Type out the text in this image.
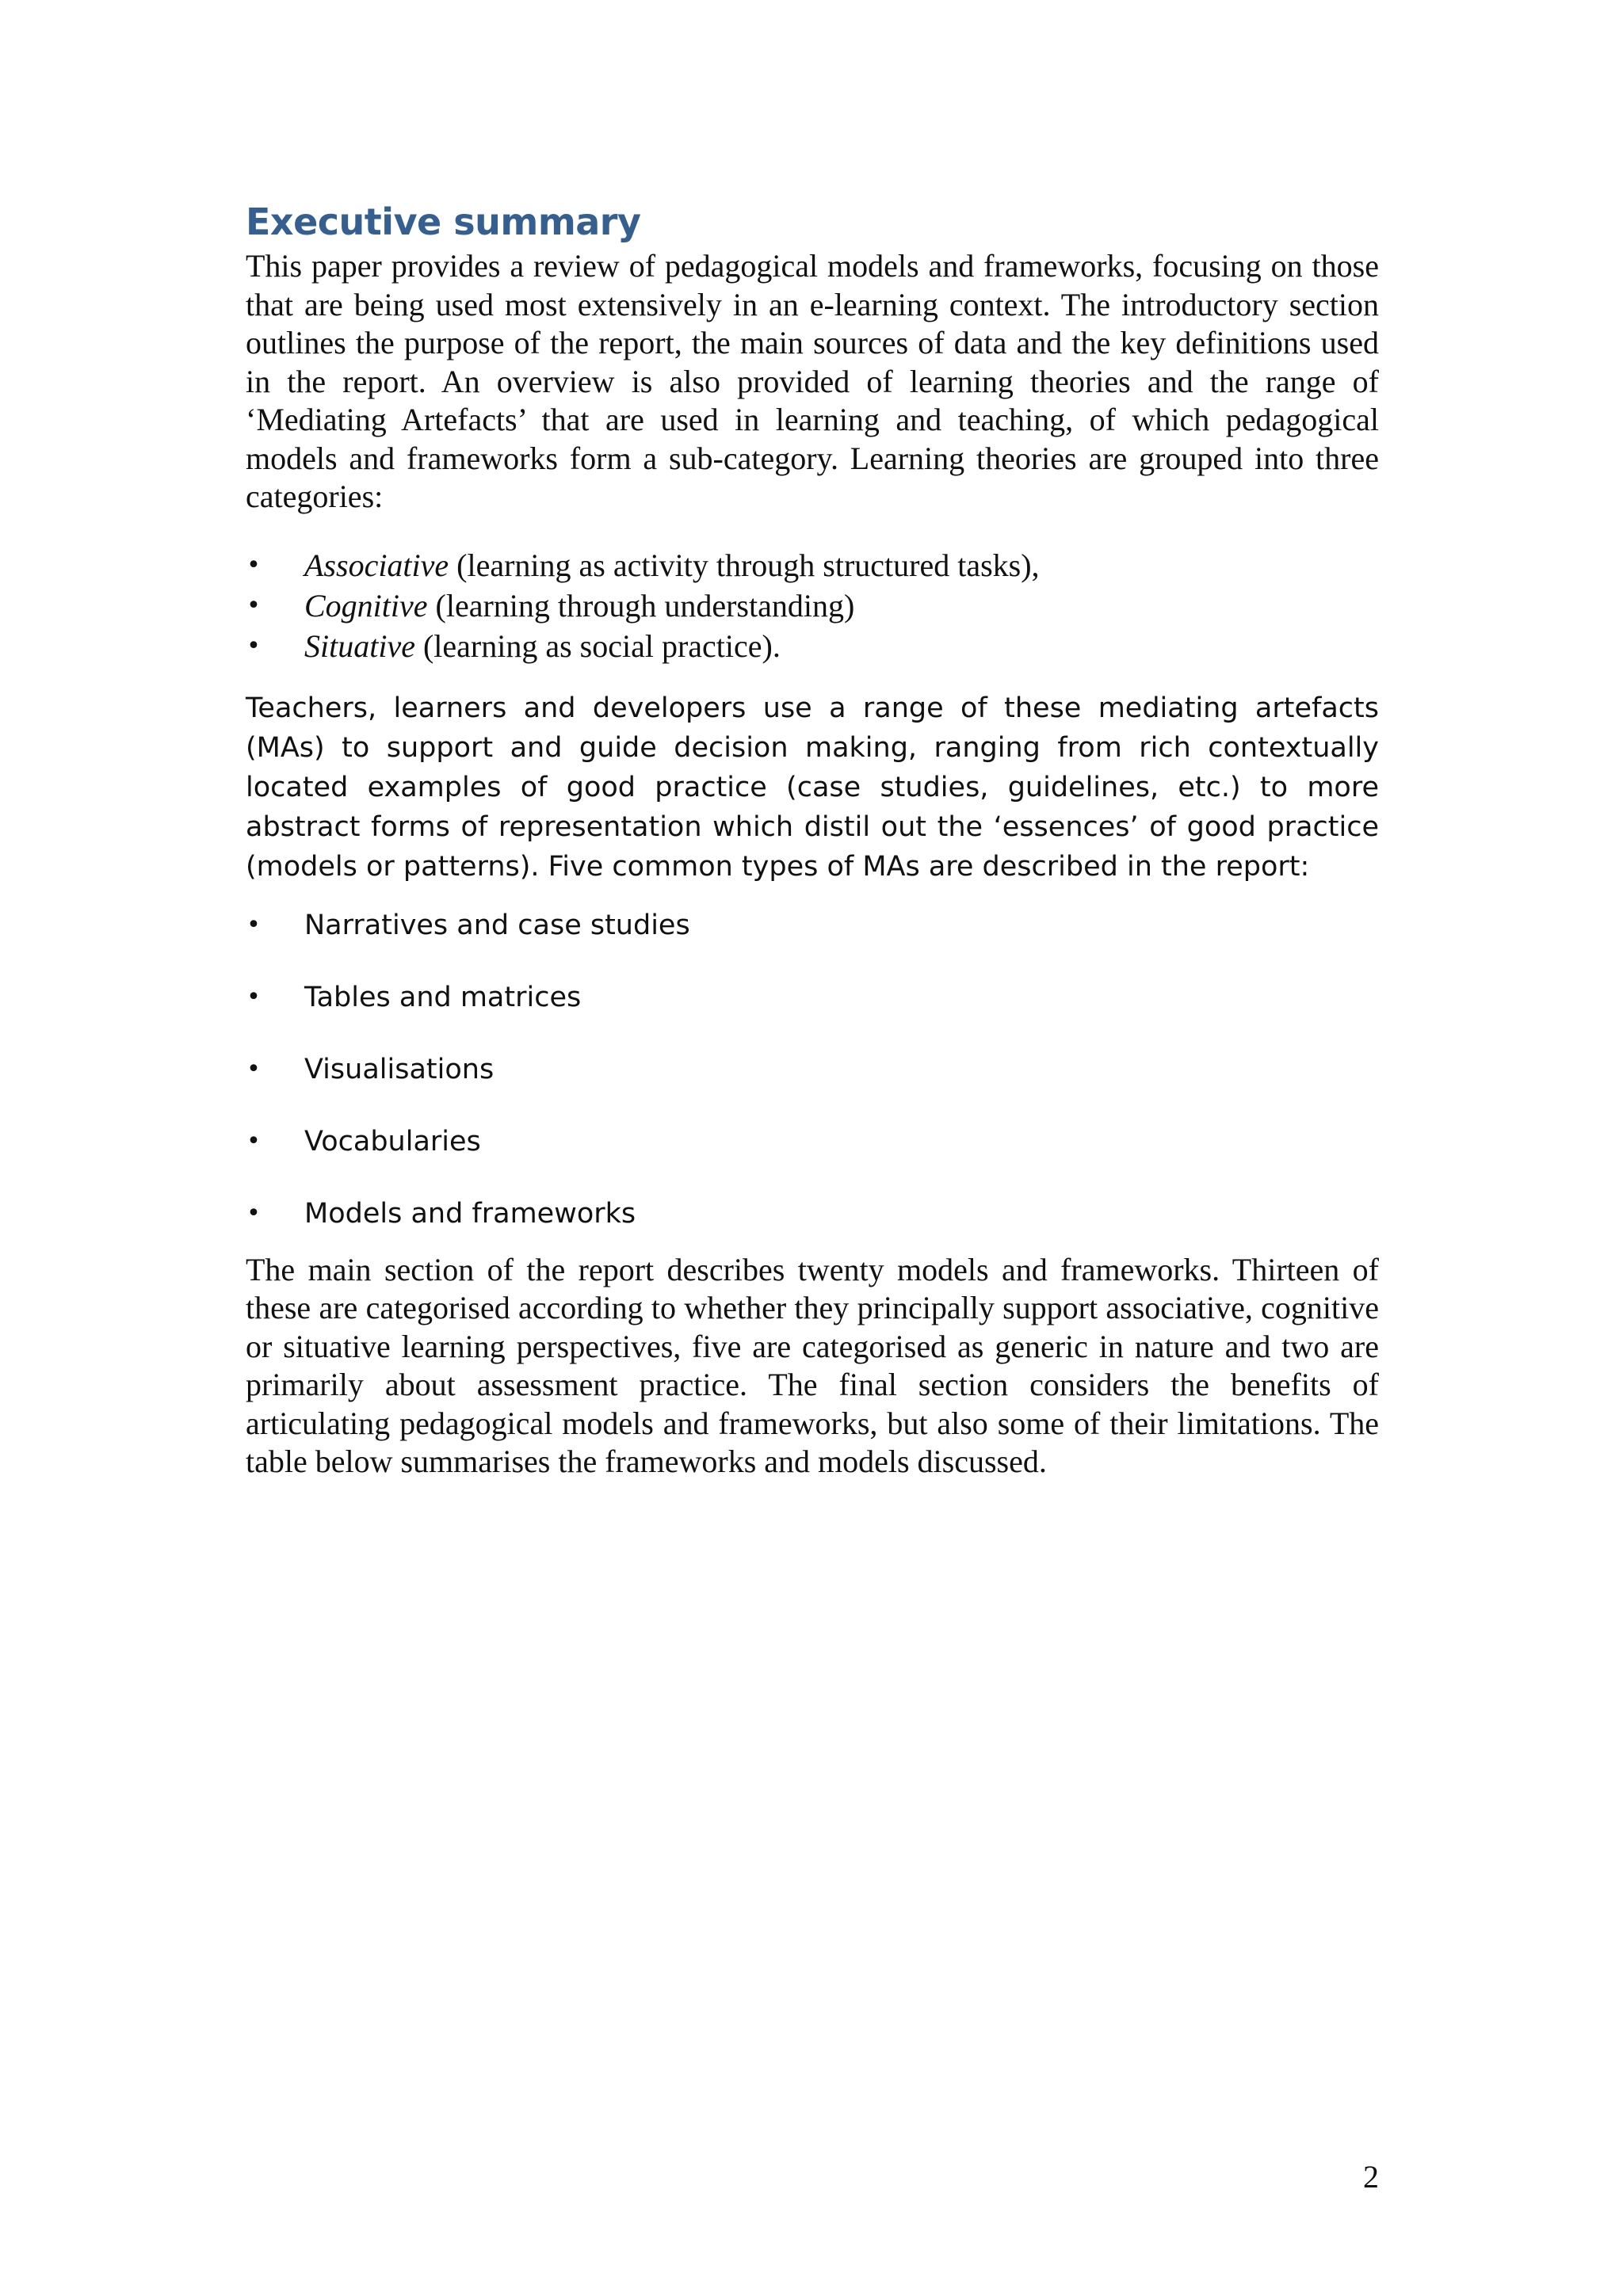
Executive summary

This paper provides a review of pedagogical models and frameworks, focusing on those that are being used most extensively in an e-learning context. The introductory section outlines the purpose of the report, the main sources of data and the key definitions used in the report. An overview is also provided of learning theories and the range of ‘Mediating Artefacts’ that are used in learning and teaching, of which pedagogical models and frameworks form a sub-category. Learning theories are grouped into three categories:

• Associative (learning as activity through structured tasks),
• Cognitive (learning through understanding)
• Situative (learning as social practice).

Teachers, learners and developers use a range of these mediating artefacts (MAs) to support and guide decision making, ranging from rich contextually located examples of good practice (case studies, guidelines, etc.) to more abstract forms of representation which distil out the ‘essences’ of good practice (models or patterns). Five common types of MAs are described in the report:

• Narratives and case studies
• Tables and matrices
• Visualisations
• Vocabularies
• Models and frameworks

The main section of the report describes twenty models and frameworks. Thirteen of these are categorised according to whether they principally support associative, cognitive or situative learning perspectives, five are categorised as generic in nature and two are primarily about assessment practice. The final section considers the benefits of articulating pedagogical models and frameworks, but also some of their limitations. The table below summarises the frameworks and models discussed.

2
